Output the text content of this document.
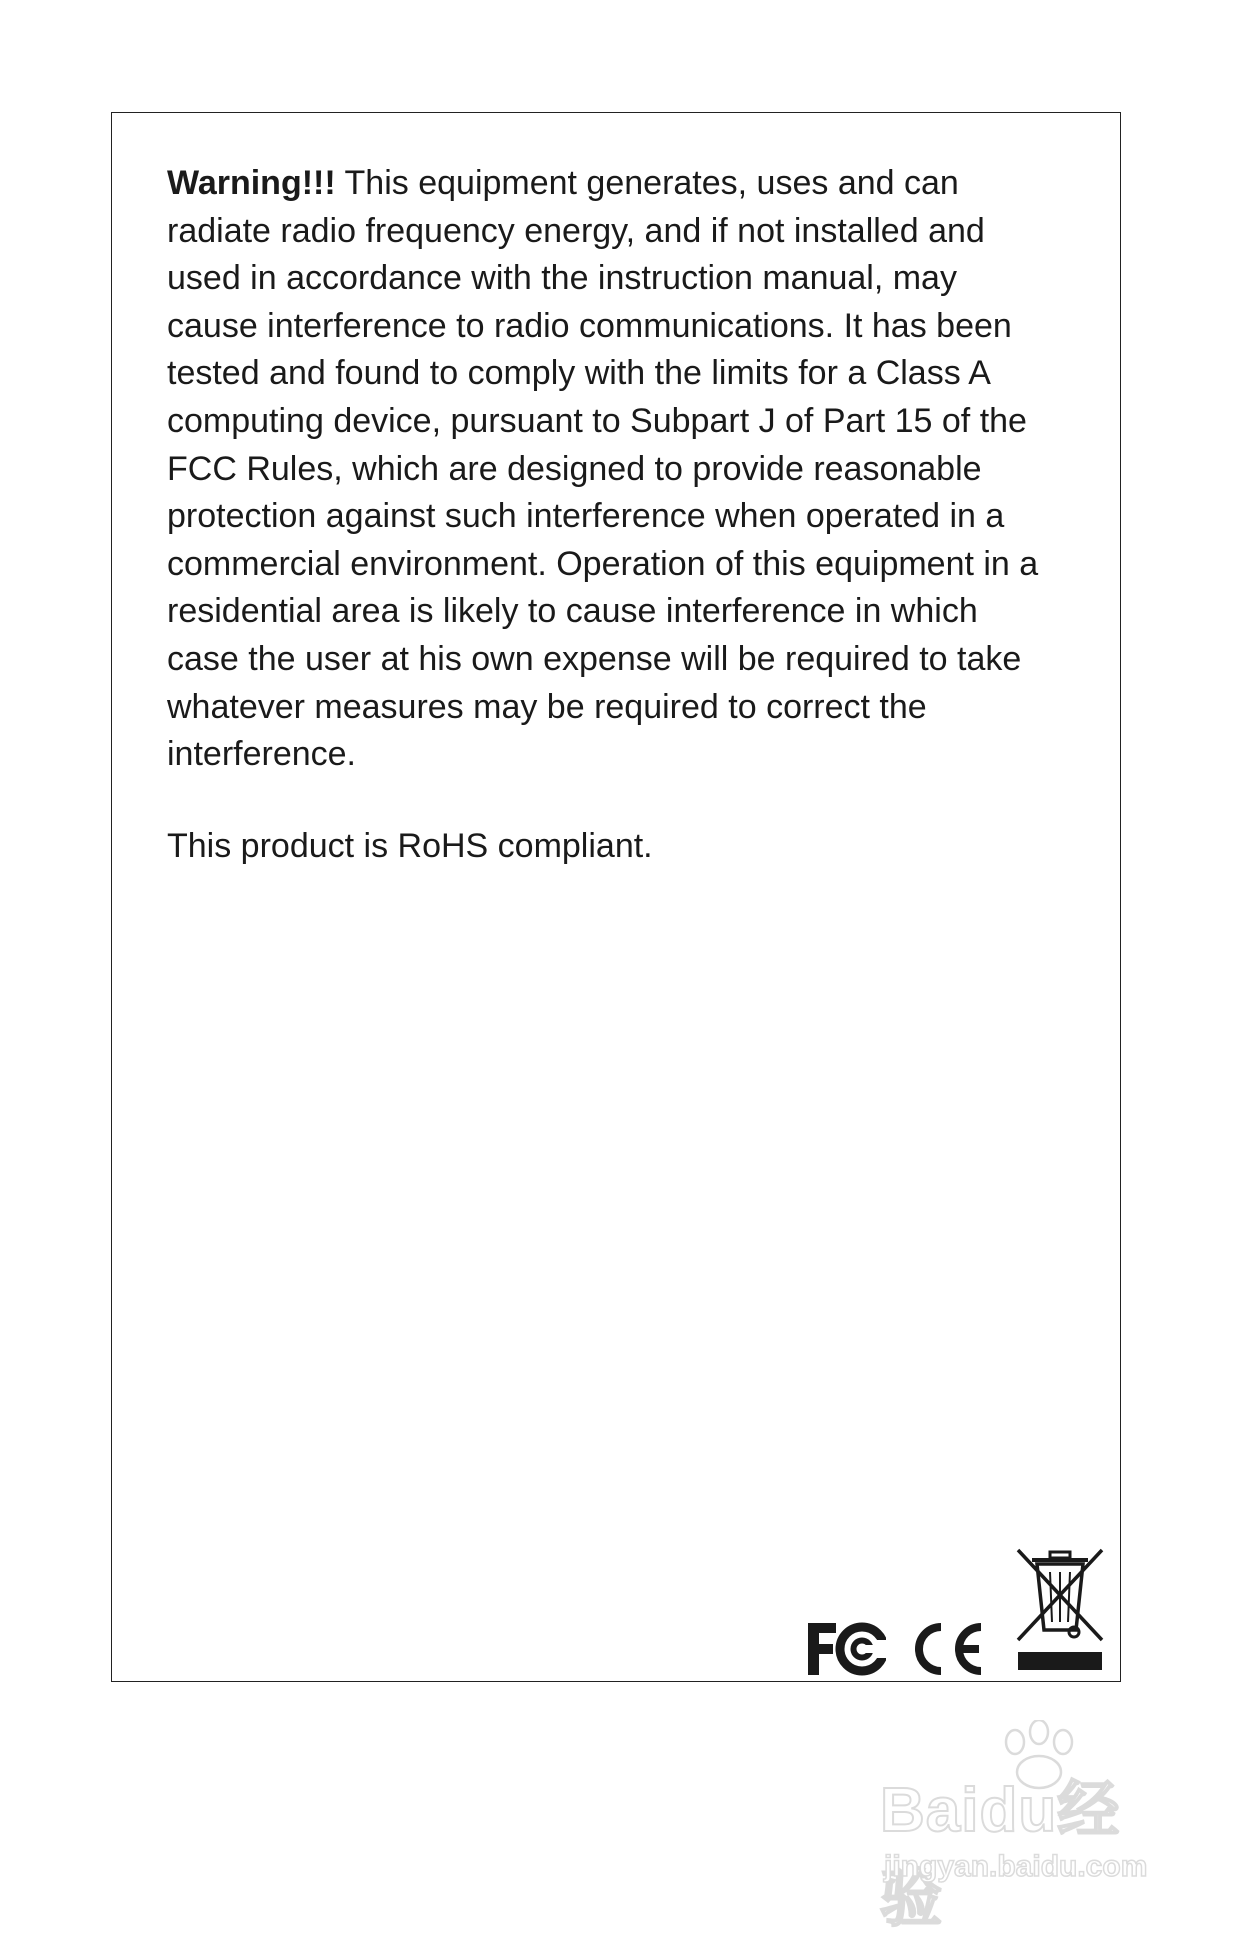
Warning!!! This equipment generates, uses and can
radiate radio frequency energy, and if not installed and
used in accordance with the instruction manual, may
cause interference to radio communications. It has been
tested and found to comply with the limits for a Class A
computing device, pursuant to Subpart J of Part 15 of the
FCC Rules, which are designed to provide reasonable
protection against such interference when operated in a
commercial environment. Operation of this equipment in a
residential area is likely to cause interference in which
case the user at his own expense will be required to take
whatever measures may be required to correct the
interference.

This product is RoHS compliant.

Baidu经验
jingyan.baidu.com
